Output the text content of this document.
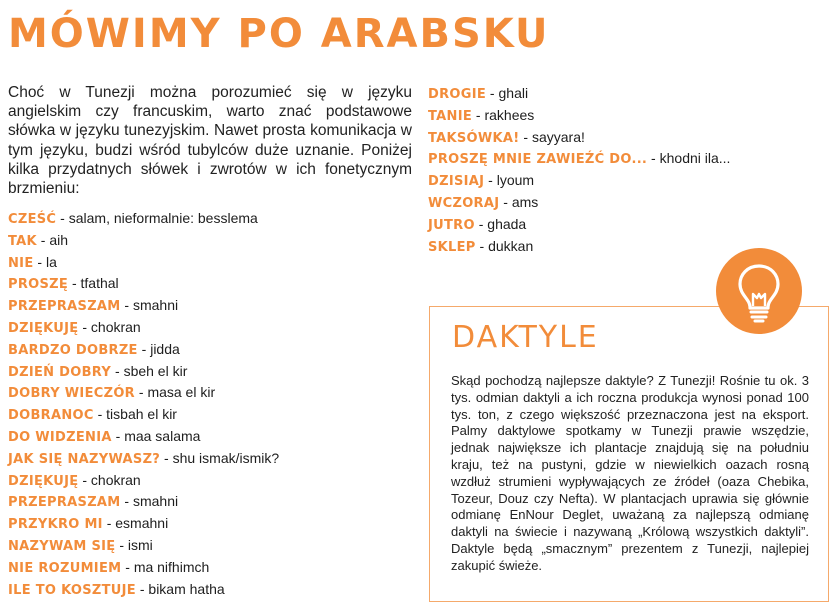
MÓWIMY PO ARABSKU
Choć w Tunezji można porozumieć się w języku angielskim czy francuskim, warto znać podstawowe słówka w języku tunezyjskim. Nawet prosta komunikacja w tym języku, budzi wśród tubylców duże uznanie. Poniżej kilka przydatnych słówek i zwrotów w ich fonetycznym brzmieniu:
CZEŚĆ - salam, nieformalnie: besslema
TAK - aih
NIE - la
PROSZĘ - tfathal
PRZEPRASZAM - smahni
DZIĘKUJĘ - chokran
BARDZO DOBRZE - jidda
DZIEŃ DOBRY - sbeh el kir
DOBRY WIECZÓR - masa el kir
DOBRANOC - tisbah el kir
DO WIDZENIA - maa salama
JAK SIĘ NAZYWASZ? - shu ismak/ismik?
DZIĘKUJĘ - chokran
PRZEPRASZAM - smahni
PRZYKRO MI - esmahni
NAZYWAM SIĘ - ismi
NIE ROZUMIEM - ma nifhimch
ILE TO KOSZTUJE - bikam hatha
DROGIE - ghali
TANIE - rakhees
TAKSÓWKA! - sayyara!
PROSZĘ MNIE ZAWIEŹĆ DO... - khodni ila...
DZISIAJ - lyoum
WCZORAJ - ams
JUTRO - ghada
SKLEP - dukkan
DAKTYLE
Skąd pochodzą najlepsze daktyle? Z Tunezji! Rośnie tu ok. 3 tys. odmian daktyli a ich roczna produkcja wynosi ponad 100 tys. ton, z czego większość przeznaczona jest na eksport. Palmy daktylowe spotkamy w Tunezji prawie wszędzie, jednak największe ich plantacje znajdują się na południu kraju, też na pustyni, gdzie w niewielkich oazach rosną wzdłuż strumieni wypływających ze źródeł (oaza Chebika, Tozeur, Douz czy Nefta). W plantacjach uprawia się głównie odmianę EnNour Deglet, uważaną za najlepszą odmianę daktyli na świecie i nazywaną „Królową wszystkich daktyli”. Daktyle będą „smacznym” prezentem z Tunezji, najlepiej zakupić świeże.
